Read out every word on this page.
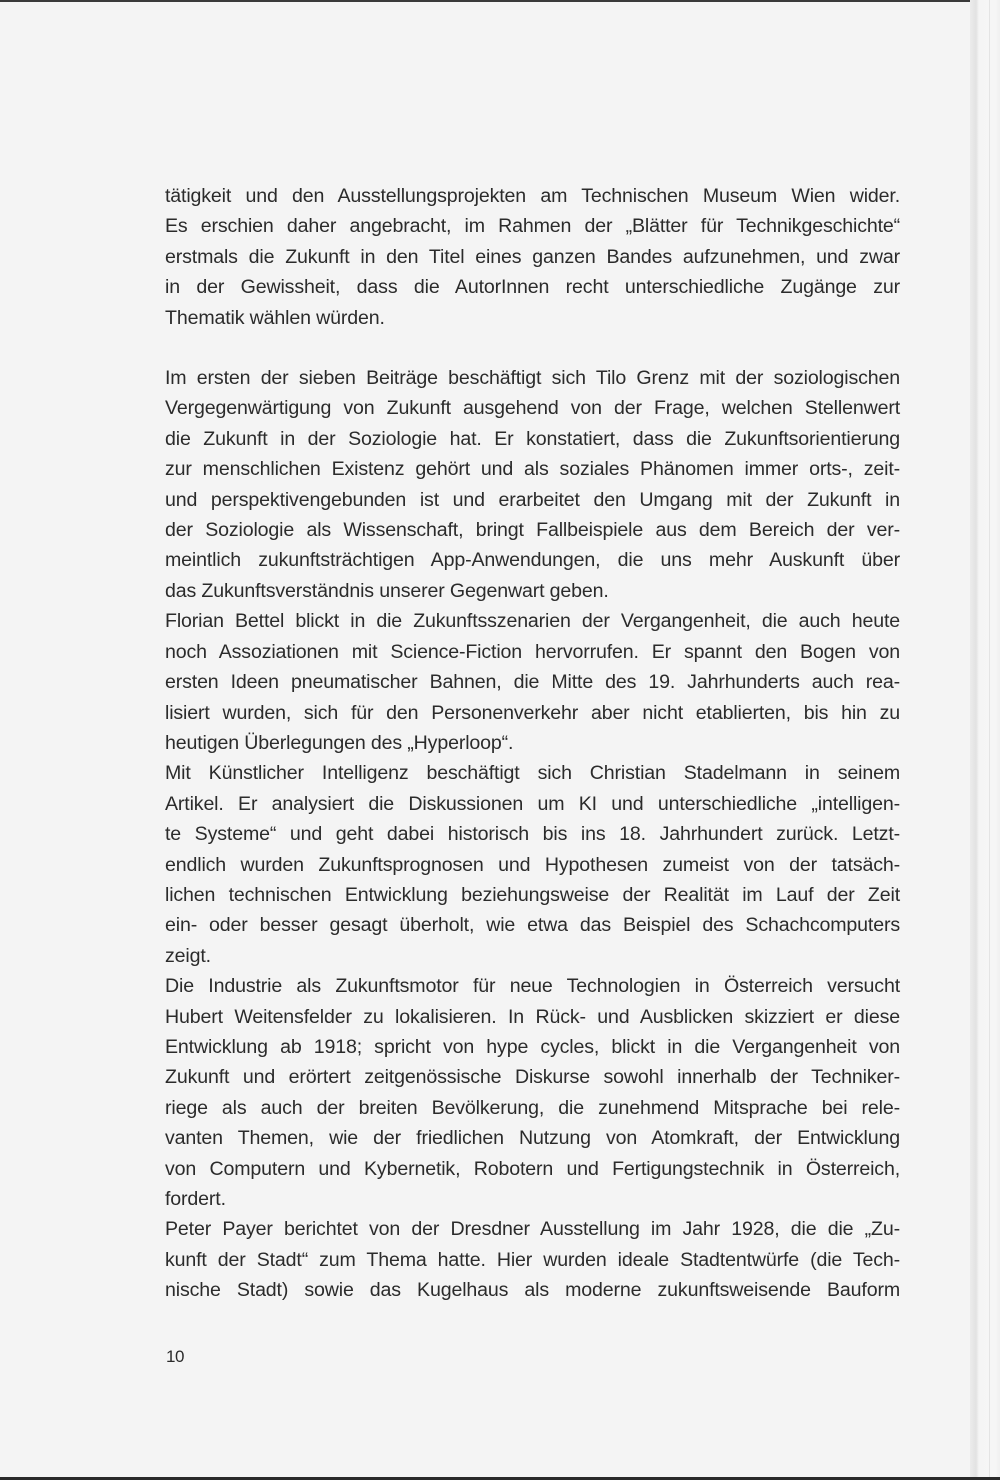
tätigkeit und den Ausstellungsprojekten am Technischen Museum Wien wider.
Es erschien daher angebracht, im Rahmen der „Blätter für Technikgeschichte“
erstmals die Zukunft in den Titel eines ganzen Bandes aufzunehmen, und zwar
in der Gewissheit, dass die AutorInnen recht unterschiedliche Zugänge zur
Thematik wählen würden.
Im ersten der sieben Beiträge beschäftigt sich Tilo Grenz mit der soziologischen
Vergegenwärtigung von Zukunft ausgehend von der Frage, welchen Stellenwert
die Zukunft in der Soziologie hat. Er konstatiert, dass die Zukunftsorientierung
zur menschlichen Existenz gehört und als soziales Phänomen immer orts-, zeit-
und perspektivengebunden ist und erarbeitet den Umgang mit der Zukunft in
der Soziologie als Wissenschaft, bringt Fallbeispiele aus dem Bereich der ver-
meintlich zukunftsträchtigen App-Anwendungen, die uns mehr Auskunft über
das Zukunftsverständnis unserer Gegenwart geben.
Florian Bettel blickt in die Zukunftsszenarien der Vergangenheit, die auch heute
noch Assoziationen mit Science-Fiction hervorrufen. Er spannt den Bogen von
ersten Ideen pneumatischer Bahnen, die Mitte des 19. Jahrhunderts auch rea-
lisiert wurden, sich für den Personenverkehr aber nicht etablierten, bis hin zu
heutigen Überlegungen des „Hyperloop“.
Mit Künstlicher Intelligenz beschäftigt sich Christian Stadelmann in seinem
Artikel. Er analysiert die Diskussionen um KI und unterschiedliche „intelligen-
te Systeme“ und geht dabei historisch bis ins 18. Jahrhundert zurück. Letzt-
endlich wurden Zukunftsprognosen und Hypothesen zumeist von der tatsäch-
lichen technischen Entwicklung beziehungsweise der Realität im Lauf der Zeit
ein- oder besser gesagt überholt, wie etwa das Beispiel des Schachcomputers
zeigt.
Die Industrie als Zukunftsmotor für neue Technologien in Österreich versucht
Hubert Weitensfelder zu lokalisieren. In Rück- und Ausblicken skizziert er diese
Entwicklung ab 1918; spricht von hype cycles, blickt in die Vergangenheit von
Zukunft und erörtert zeitgenössische Diskurse sowohl innerhalb der Techniker-
riege als auch der breiten Bevölkerung, die zunehmend Mitsprache bei rele-
vanten Themen, wie der friedlichen Nutzung von Atomkraft, der Entwicklung
von Computern und Kybernetik, Robotern und Fertigungstechnik in Österreich,
fordert.
Peter Payer berichtet von der Dresdner Ausstellung im Jahr 1928, die die „Zu-
kunft der Stadt“ zum Thema hatte. Hier wurden ideale Stadtentwürfe (die Tech-
nische Stadt) sowie das Kugelhaus als moderne zukunftsweisende Bauform
10
